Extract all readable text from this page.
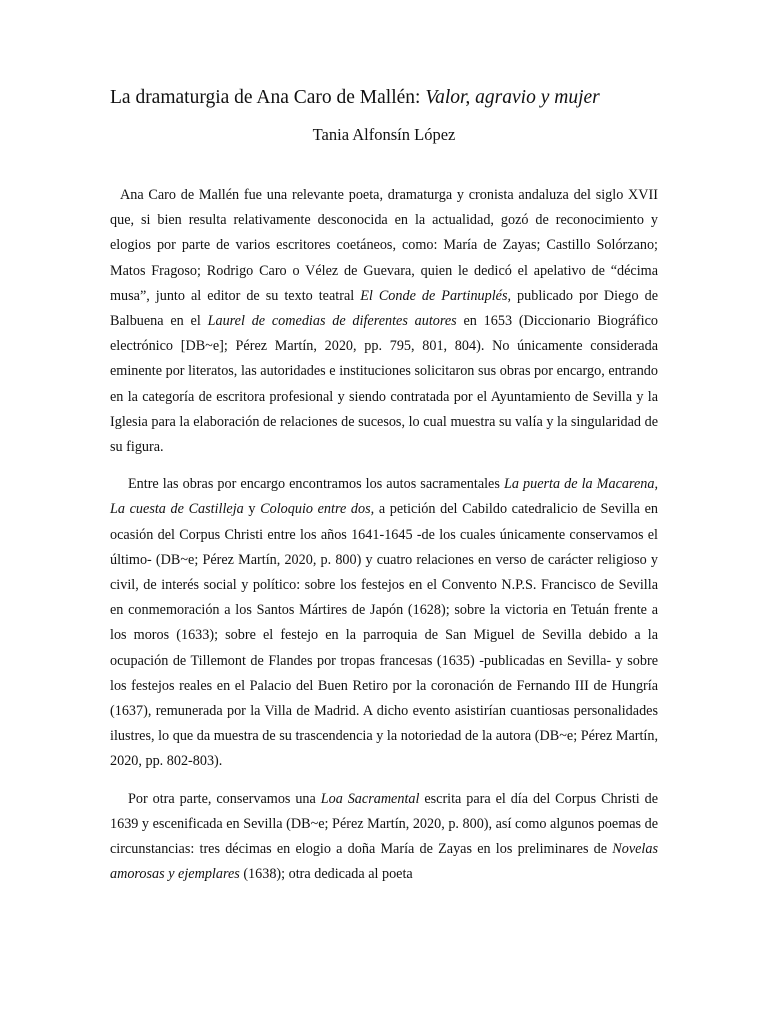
La dramaturgia de Ana Caro de Mallén: Valor, agravio y mujer
Tania Alfonsín López

Ana Caro de Mallén fue una relevante poeta, dramaturga y cronista andaluza del siglo XVII que, si bien resulta relativamente desconocida en la actualidad, gozó de reconocimiento y elogios por parte de varios escritores coetáneos, como: María de Zayas; Castillo Solórzano; Matos Fragoso; Rodrigo Caro o Vélez de Guevara, quien le dedicó el apelativo de “décima musa”, junto al editor de su texto teatral El Conde de Partinuplés, publicado por Diego de Balbuena en el Laurel de comedias de diferentes autores en 1653 (Diccionario Biográfico electrónico [DB~e]; Pérez Martín, 2020, pp. 795, 801, 804). No únicamente considerada eminente por literatos, las autoridades e instituciones solicitaron sus obras por encargo, entrando en la categoría de escritora profesional y siendo contratada por el Ayuntamiento de Sevilla y la Iglesia para la elaboración de relaciones de sucesos, lo cual muestra su valía y la singularidad de su figura.

Entre las obras por encargo encontramos los autos sacramentales La puerta de la Macarena, La cuesta de Castilleja y Coloquio entre dos, a petición del Cabildo catedralicio de Sevilla en ocasión del Corpus Christi entre los años 1641-1645 -de los cuales únicamente conservamos el último- (DB~e; Pérez Martín, 2020, p. 800) y cuatro relaciones en verso de carácter religioso y civil, de interés social y político: sobre los festejos en el Convento N.P.S. Francisco de Sevilla en conmemoración a los Santos Mártires de Japón (1628); sobre la victoria en Tetuán frente a los moros (1633); sobre el festejo en la parroquia de San Miguel de Sevilla debido a la ocupación de Tillemont de Flandes por tropas francesas (1635) -publicadas en Sevilla- y sobre los festejos reales en el Palacio del Buen Retiro por la coronación de Fernando III de Hungría (1637), remunerada por la Villa de Madrid. A dicho evento asistirían cuantiosas personalidades ilustres, lo que da muestra de su trascendencia y la notoriedad de la autora (DB~e; Pérez Martín, 2020, pp. 802-803).

Por otra parte, conservamos una Loa Sacramental escrita para el día del Corpus Christi de 1639 y escenificada en Sevilla (DB~e; Pérez Martín, 2020, p. 800), así como algunos poemas de circunstancias: tres décimas en elogio a doña María de Zayas en los preliminares de Novelas amorosas y ejemplares (1638); otra dedicada al poeta
